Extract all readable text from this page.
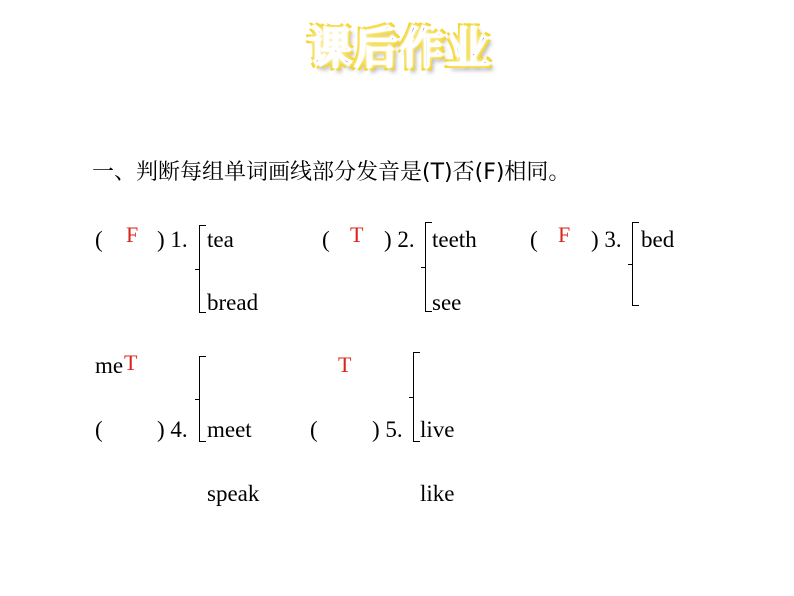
课后作业
一、判断每组单词画线部分发音是(T)否(F)相同。
( F ) 1. tea
bread
( T ) 2. teeth
see
( F ) 3. bed
me T
( ) 4. meet
speak
T
( ) 5. live
like
